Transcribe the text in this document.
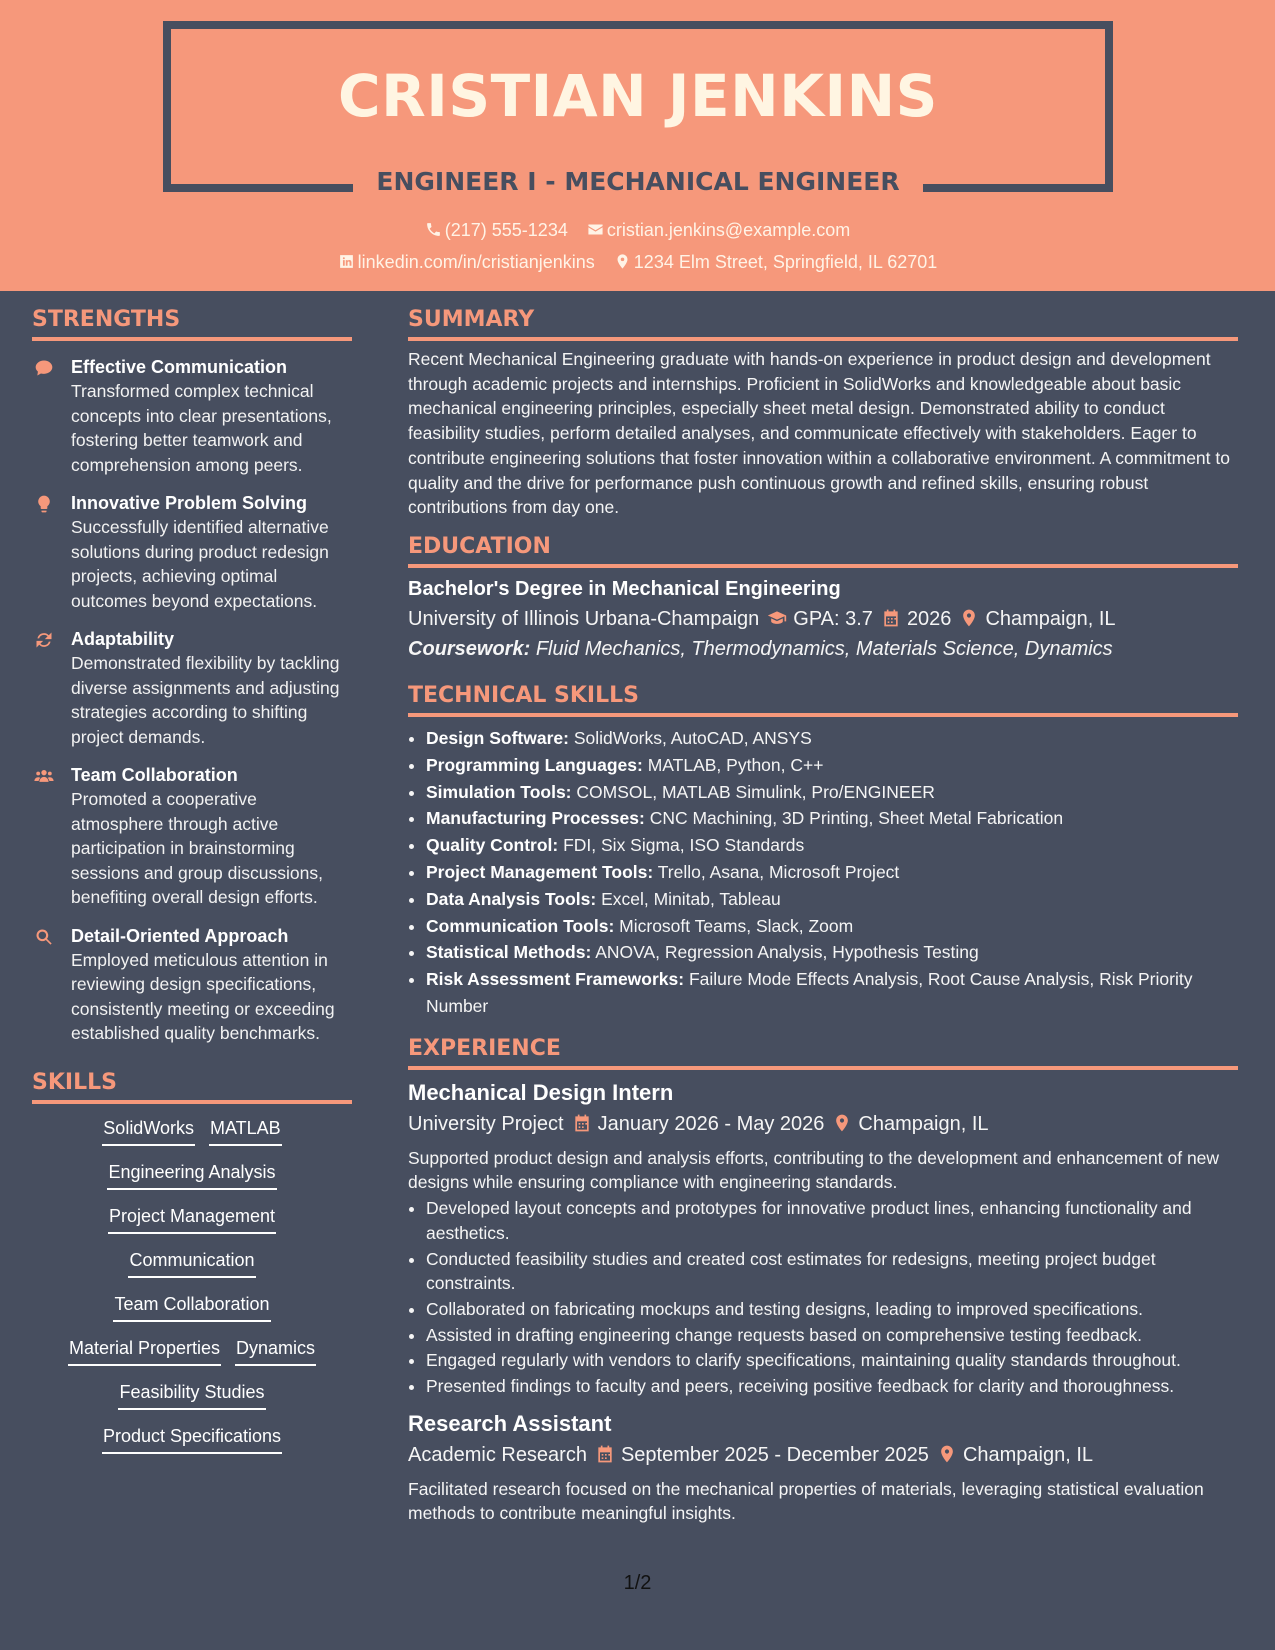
CRISTIAN JENKINS
ENGINEER I - MECHANICAL ENGINEER
(217) 555-1234 cristian.jenkins@example.com
linkedin.com/in/cristianjenkins 1234 Elm Street, Springfield, IL 62701
STRENGTHS
Effective Communication
Transformed complex technical concepts into clear presentations, fostering better teamwork and comprehension among peers.
Innovative Problem Solving
Successfully identified alternative solutions during product redesign projects, achieving optimal outcomes beyond expectations.
Adaptability
Demonstrated flexibility by tackling diverse assignments and adjusting strategies according to shifting project demands.
Team Collaboration
Promoted a cooperative atmosphere through active participation in brainstorming sessions and group discussions, benefiting overall design efforts.
Detail-Oriented Approach
Employed meticulous attention in reviewing design specifications, consistently meeting or exceeding established quality benchmarks.
SKILLS
SolidWorks MATLAB
Engineering Analysis
Project Management
Communication
Team Collaboration
Material Properties Dynamics
Feasibility Studies
Product Specifications
SUMMARY
Recent Mechanical Engineering graduate with hands-on experience in product design and development through academic projects and internships. Proficient in SolidWorks and knowledgeable about basic mechanical engineering principles, especially sheet metal design. Demonstrated ability to conduct feasibility studies, perform detailed analyses, and communicate effectively with stakeholders. Eager to contribute engineering solutions that foster innovation within a collaborative environment. A commitment to quality and the drive for performance push continuous growth and refined skills, ensuring robust contributions from day one.
EDUCATION
Bachelor's Degree in Mechanical Engineering
University of Illinois Urbana-Champaign GPA: 3.7 2026 Champaign, IL
Coursework: Fluid Mechanics, Thermodynamics, Materials Science, Dynamics
TECHNICAL SKILLS
• Design Software: SolidWorks, AutoCAD, ANSYS
• Programming Languages: MATLAB, Python, C++
• Simulation Tools: COMSOL, MATLAB Simulink, Pro/ENGINEER
• Manufacturing Processes: CNC Machining, 3D Printing, Sheet Metal Fabrication
• Quality Control: FDI, Six Sigma, ISO Standards
• Project Management Tools: Trello, Asana, Microsoft Project
• Data Analysis Tools: Excel, Minitab, Tableau
• Communication Tools: Microsoft Teams, Slack, Zoom
• Statistical Methods: ANOVA, Regression Analysis, Hypothesis Testing
• Risk Assessment Frameworks: Failure Mode Effects Analysis, Root Cause Analysis, Risk Priority Number
EXPERIENCE
Mechanical Design Intern
University Project January 2026 - May 2026 Champaign, IL
Supported product design and analysis efforts, contributing to the development and enhancement of new designs while ensuring compliance with engineering standards.
• Developed layout concepts and prototypes for innovative product lines, enhancing functionality and aesthetics.
• Conducted feasibility studies and created cost estimates for redesigns, meeting project budget constraints.
• Collaborated on fabricating mockups and testing designs, leading to improved specifications.
• Assisted in drafting engineering change requests based on comprehensive testing feedback.
• Engaged regularly with vendors to clarify specifications, maintaining quality standards throughout.
• Presented findings to faculty and peers, receiving positive feedback for clarity and thoroughness.
Research Assistant
Academic Research September 2025 - December 2025 Champaign, IL
Facilitated research focused on the mechanical properties of materials, leveraging statistical evaluation methods to contribute meaningful insights.
1/2
